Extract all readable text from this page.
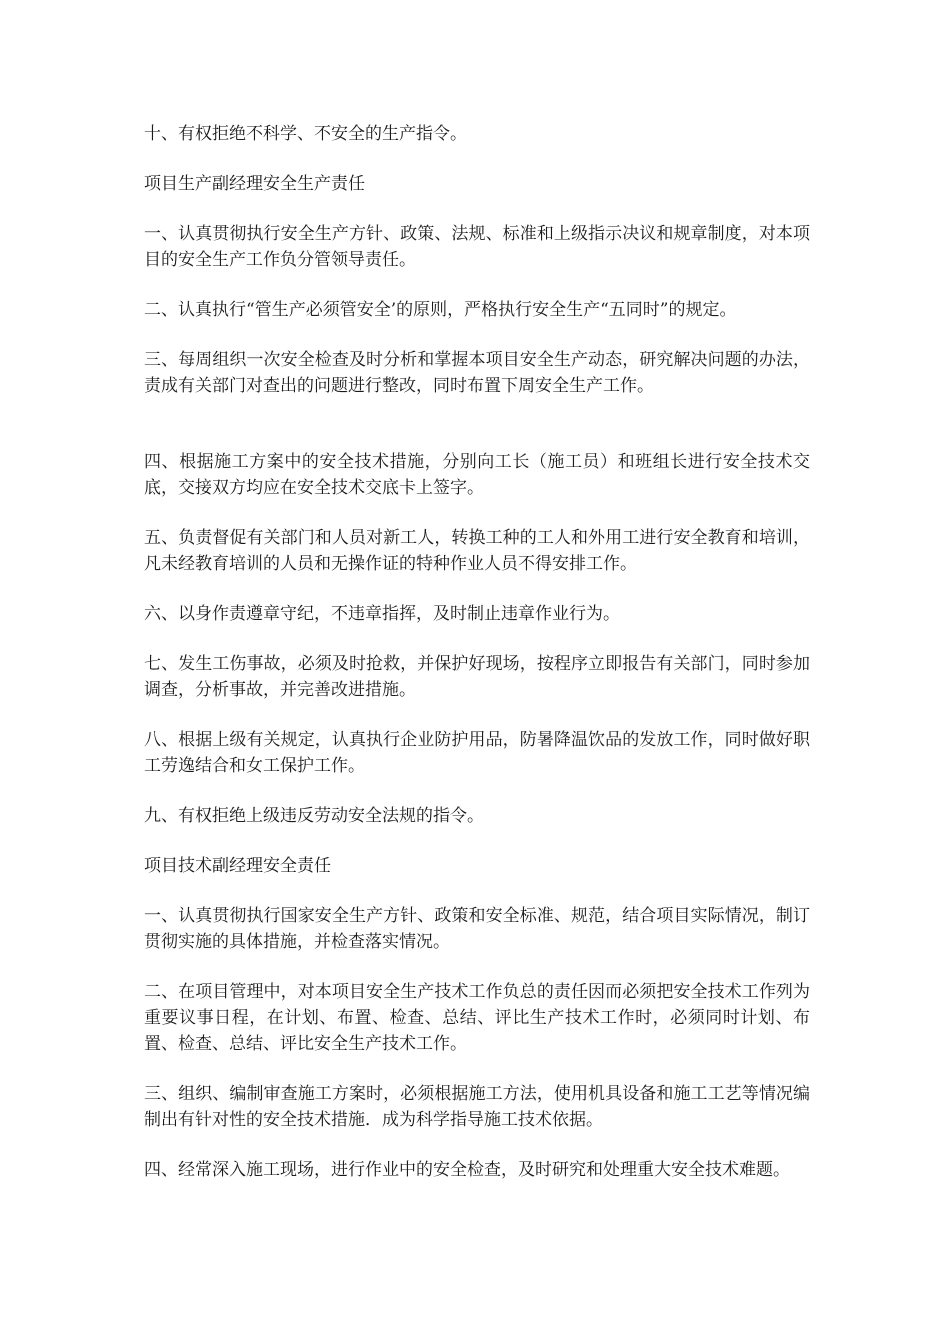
十、有权拒绝不科学、不安全的生产指令。

项目生产副经理安全生产责任

一、认真贯彻执行安全生产方针、政策、法规、标准和上级指示决议和规章制度，对本项目的安全生产工作负分管领导责任。

二、认真执行“管生产必须管安全’的原则，严格执行安全生产“五同时”的规定。

三、每周组织一次安全检查及时分析和掌握本项目安全生产动态，研究解决问题的办法，责成有关部门对查出的问题进行整改，同时布置下周安全生产工作。

四、根据施工方案中的安全技术措施，分别向工长（施工员）和班组长进行安全技术交底，交接双方均应在安全技术交底卡上签字。

五、负责督促有关部门和人员对新工人，转换工种的工人和外用工进行安全教育和培训，凡未经教育培训的人员和无操作证的特种作业人员不得安排工作。

六、以身作责遵章守纪，不违章指挥，及时制止违章作业行为。

七、发生工伤事故，必须及时抢救，并保护好现场，按程序立即报告有关部门，同时参加调查，分析事故，并完善改进措施。

八、根据上级有关规定，认真执行企业防护用品，防暑降温饮品的发放工作，同时做好职工劳逸结合和女工保护工作。

九、有权拒绝上级违反劳动安全法规的指令。

项目技术副经理安全责任

一、认真贯彻执行国家安全生产方针、政策和安全标准、规范，结合项目实际情况，制订贯彻实施的具体措施，并检查落实情况。

二、在项目管理中，对本项目安全生产技术工作负总的责任因而必须把安全技术工作列为重要议事日程，在计划、布置、检查、总结、评比生产技术工作时，必须同时计划、布置、检查、总结、评比安全生产技术工作。

三、组织、编制审查施工方案时，必须根据施工方法，使用机具设备和施工工艺等情况编制出有针对性的安全技术措施．成为科学指导施工技术依据。

四、经常深入施工现场，进行作业中的安全检查，及时研究和处理重大安全技术难题。
